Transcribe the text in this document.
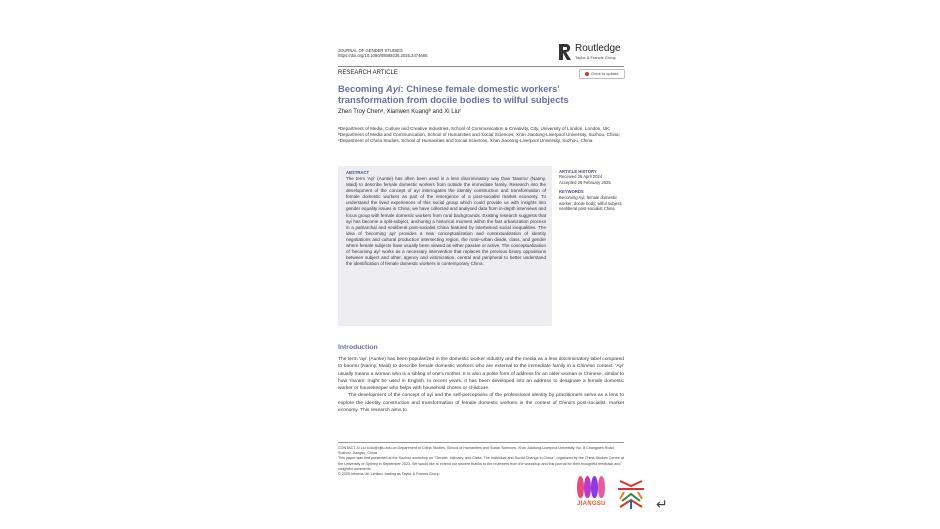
JOURNAL OF GENDER STUDIES
https://doi.org/10.1080/09589236.2025.2474665
Routledge
Taylor & Francis Group
RESEARCH ARTICLE	Check for updates
Becoming Ayi: Chinese female domestic workers' transformation from docile bodies to wilful subjects
Zhen Troy Chenᵃ, Xianwen Kuangᵇ and Xi Liuᶜ
ᵃDepartment of Media, Culture and Creative Industries, School of Communication & Creativity, City, University of London, London, UK; ᵇDepartment of Media and Communication, School of Humanities and Social Sciences, Xi'an Jiaotong-Liverpool University, Suzhou, China; ᶜDepartment of China Studies, School of Humanities and Social Sciences, Xi'an Jiaotong-Liverpool University, Suzhou, China
ABSTRACT
The term 'Ayi' (Auntie) has often been used in a less discriminatory way than 'Baomu' (Nanny, Maid) to describe female domestic workers from outside the immediate family. Research into the development of the concept of ayi interrogates the identity construction and transformation of female domestic workers as part of the emergence of a post-socialist market economy. To understand the lived experiences of this social group which could provide us with insights into gender equality issues in China, we have collected and analysed data from in-depth interviews and focus group with female domestic workers from rural backgrounds. Existing research suggests that ayi has become a split-subject, anchoring a historical moment within the fast urbanization process in a patriarchal and neoliberal post-socialist China featured by intertwined social inequalities. The idea of 'becoming ayi' provides a new conceptualization and contextualization of identity negotiations and cultural production intersecting region, the rural–urban divide, class, and gender where female subjects have usually been viewed as either passive or active. The conceptualization of 'becoming ayi' works as a necessary intervention that replaces the previous binary oppositions between subject and other, agency and victimization, central and peripheral to better understand the identification of female domestic workers in contemporary China.
ARTICLE HISTORY
Received 26 April 2024
Accepted 26 February 2025
KEYWORDS
Becoming Ayi; female domestic worker; docile body; wilful subject; neoliberal post-socialist China
Introduction

The term 'ayi' (Auntie) has been popularized in the domestic worker industry and the media as a less discriminatory label compared to baomu (Nanny, Maid) to describe female domestic workers who are external to the immediate family in a Chinese context. 'Ayi' usually means a woman who is a sibling of one's mother. It is also a polite form of address for an older woman in Chinese, similar to how 'ma'am' might be used in English. In recent years, it has been developed into an address to designate a female domestic worker or housekeeper who helps with household chores or childcare.

The development of the concept of ayi and the self-perceptions of the professional identity by practitioners serve as a lens to explore the identity construction and transformation of female domestic workers in the context of China's post-socialist, market economy. This research aims to

CONTACT Xi Liu xi.liu@xjtlu.edu.cn Department of China Studies, School of Humanities and Social Sciences, Xi'an Jiaotong-Liverpool University, No. 8 Chongwen Road, Suzhou, Jiangsu, China
This paper was first presented at the Suzhou workshop on "Gender, Intimacy, and Class: The Individual and Social Change in China", organized by the China Studies Centre at the University of Sydney in September 2023. We would like to extend our sincere thanks to the reviewers from the workshop and this journal for their thoughtful feedback and insightful comments.
© 2025 Informa UK Limited, trading as Taylor & Francis Group
JIANGSU	↵
